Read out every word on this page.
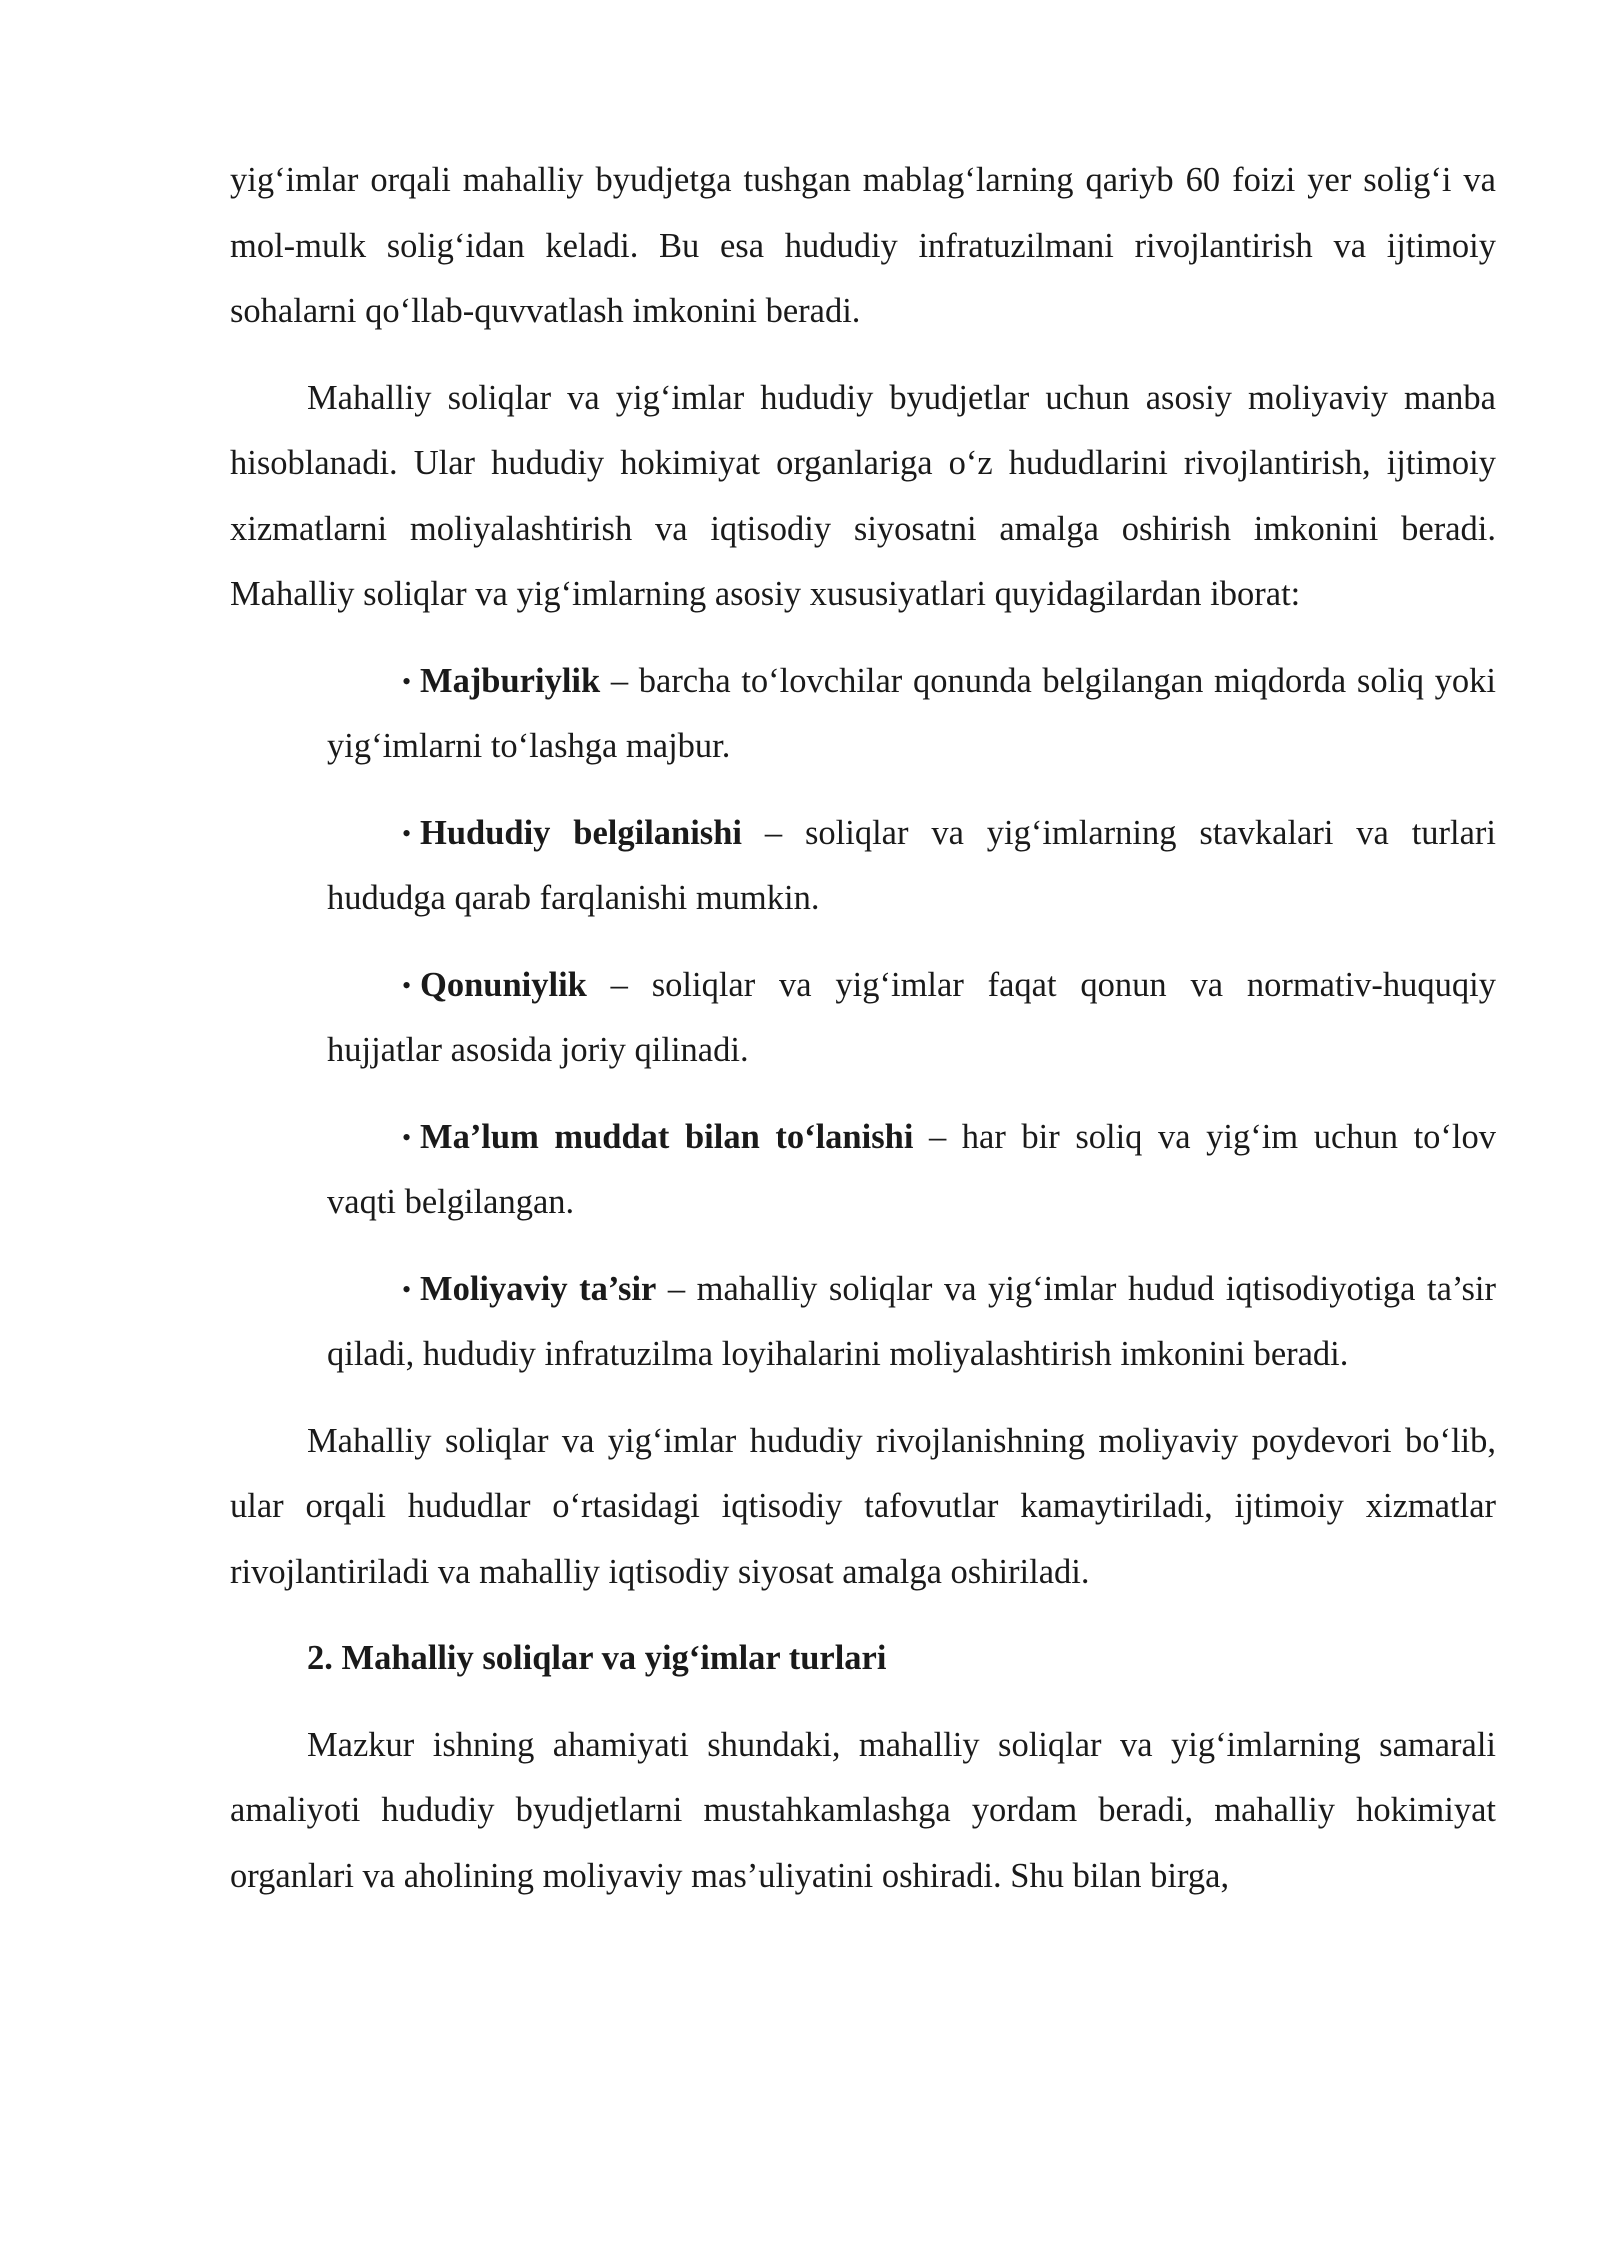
yig‘imlar orqali mahalliy byudjetga tushgan mablag‘larning qariyb 60 foizi yer solig‘i va mol-mulk solig‘idan keladi. Bu esa hududiy infratuzilmani rivojlantirish va ijtimoiy sohalarni qo‘llab-quvvatlash imkonini beradi.

Mahalliy soliqlar va yig‘imlar hududiy byudjetlar uchun asosiy moliyaviy manba hisoblanadi. Ular hududiy hokimiyat organlariga o‘z hududlarini rivojlantirish, ijtimoiy xizmatlarni moliyalashtirish va iqtisodiy siyosatni amalga oshirish imkonini beradi. Mahalliy soliqlar va yig‘imlarning asosiy xususiyatlari quyidagilardan iborat:

• Majburiylik – barcha to‘lovchilar qonunda belgilangan miqdorda soliq yoki yig‘imlarni to‘lashga majbur.

• Hududiy belgilanishi – soliqlar va yig‘imlarning stavkalari va turlari hududga qarab farqlanishi mumkin.

• Qonuniylik – soliqlar va yig‘imlar faqat qonun va normativ-huquqiy hujjatlar asosida joriy qilinadi.

• Ma’lum muddat bilan to‘lanishi – har bir soliq va yig‘im uchun to‘lov vaqti belgilangan.

• Moliyaviy ta’sir – mahalliy soliqlar va yig‘imlar hudud iqtisodiyotiga ta’sir qiladi, hududiy infratuzilma loyihalarini moliyalashtirish imkonini beradi.

Mahalliy soliqlar va yig‘imlar hududiy rivojlanishning moliyaviy poydevori bo‘lib, ular orqali hududlar o‘rtasidagi iqtisodiy tafovutlar kamaytiriladi, ijtimoiy xizmatlar rivojlantiriladi va mahalliy iqtisodiy siyosat amalga oshiriladi.

2. Mahalliy soliqlar va yig‘imlar turlari

Mazkur ishning ahamiyati shundaki, mahalliy soliqlar va yig‘imlarning samarali amaliyoti hududiy byudjetlarni mustahkamlashga yordam beradi, mahalliy hokimiyat organlari va aholining moliyaviy mas’uliyatini oshiradi. Shu bilan birga,
